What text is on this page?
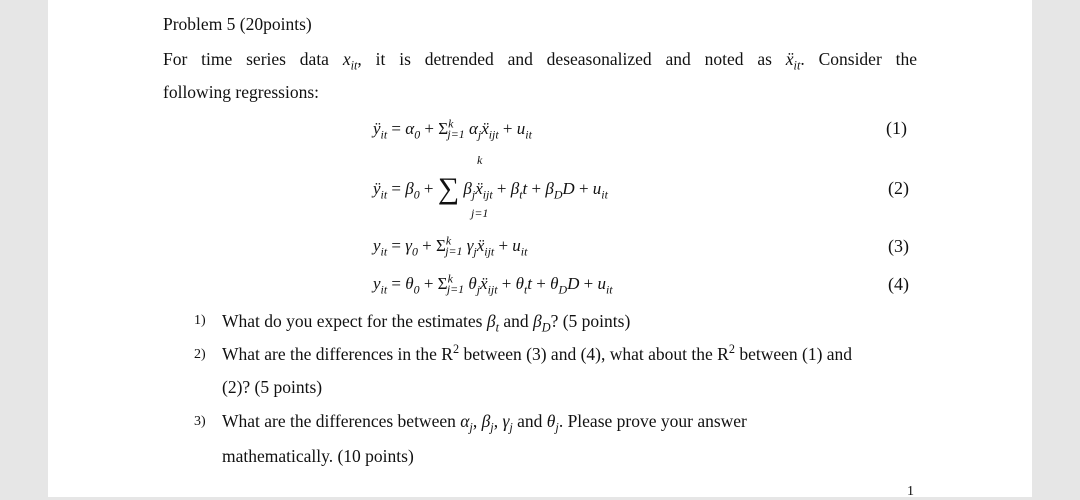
Problem 5 (20points)
For time series data $x_{it}$, it is detrended and deseasonalized and noted as ẍ$_{it}$. Consider the
following regressions:
$ÿ_{it} = \alpha_0 + \Sigma^k_{j=1}$ $\alpha_jẍ_{ijt} + u_{it}$	(1)
k
$ÿ_{it} = \beta_0$ + ∑ $\beta_jẍ_{ijt} + \beta_tt + \beta_DD + u_{it}$
j=1
(2)
$y_{it} = \gamma_0 + \Sigma^k_{j=1}$ $\gamma_jẍ_{ijt} + u_{it}$	(3)
$y_{it} = \theta_0 + \Sigma^k_{j=1}$ $\theta_jẍ_{ijt} + \theta_tt + \theta_DD + u_{it}$	(4)
1) What do you expect for the estimates $\beta_t$ and $\beta_D$? (5 points)
2) What are the differences in the $R^2$ between (3) and (4), what about the $R^2$ between (1) and
(2)? (5 points)
3) What are the differences between $\alpha_j$, $\beta_j$, $\gamma_j$ and $\theta_j$. Please prove your answer
mathematically. (10 points)
1
